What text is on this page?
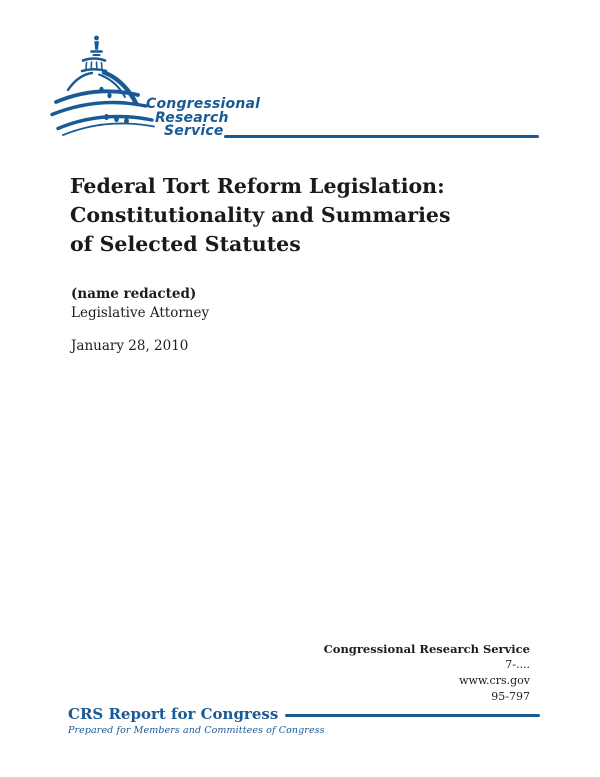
Congressional
Research
Service
Federal Tort Reform Legislation:
Constitutionality and Summaries
of Selected Statutes
(name redacted)
Legislative Attorney
January 28, 2010
Congressional Research Service
7-....
www.crs.gov
95-797
CRS Report for Congress
Prepared for Members and Committees of Congress
